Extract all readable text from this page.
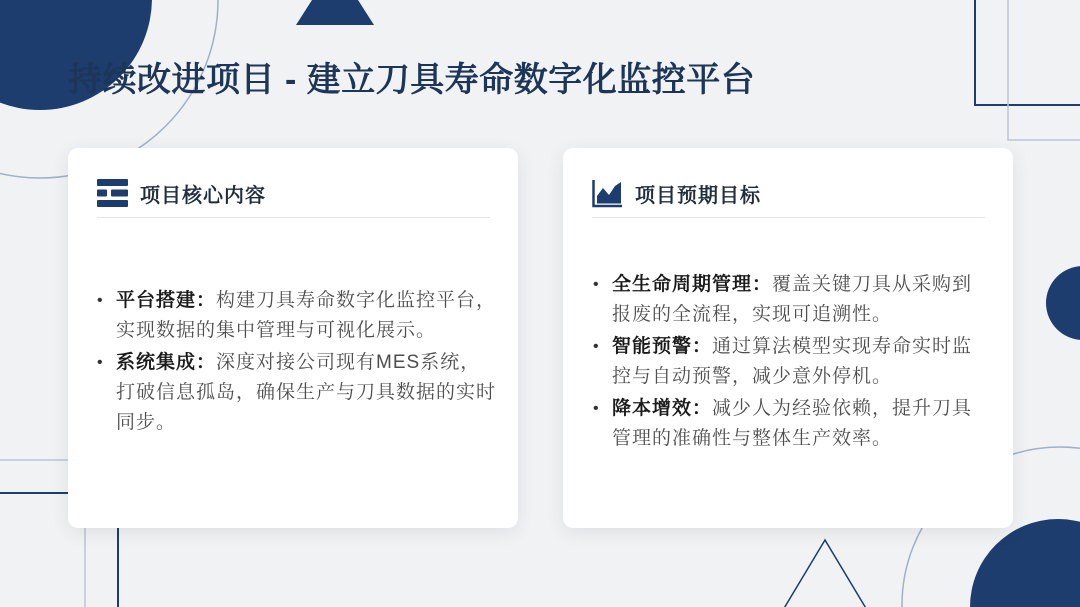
持续改进项目 - 建立刀具寿命数字化监控平台
项目核心内容
• 平台搭建：构建刀具寿命数字化监控平台，实现数据的集中管理与可视化展示。
• 系统集成：深度对接公司现有MES系统，打破信息孤岛，确保生产与刀具数据的实时同步。
项目预期目标
• 全生命周期管理：覆盖关键刀具从采购到报废的全流程，实现可追溯性。
• 智能预警：通过算法模型实现寿命实时监控与自动预警，减少意外停机。
• 降本增效：减少人为经验依赖，提升刀具管理的准确性与整体生产效率。
